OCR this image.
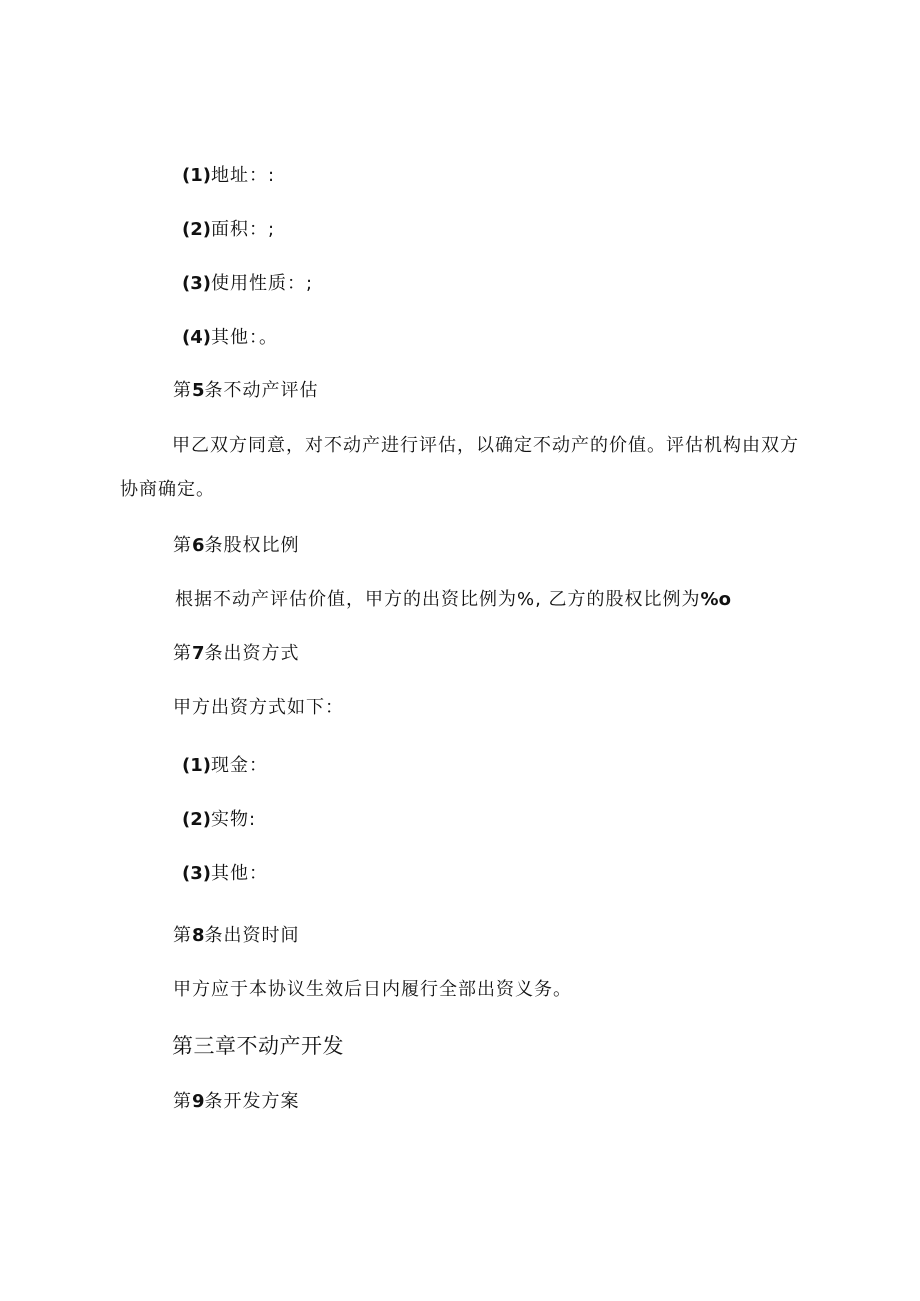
(1)地址：:
(2)面积：;
(3)使用性质：;
(4)其他：。
第5条不动产评估
甲乙双方同意，对不动产进行评估，以确定不动产的价值。评估机构由双方协商确定。
第6条股权比例
根据不动产评估价值，甲方的出资比例为%, 乙方的股权比例为%o
第7条出资方式
甲方出资方式如下：
(1)现金：
(2)实物:
(3)其他：
第8条出资时间
甲方应于本协议生效后日内履行全部出资义务。
第三章不动产开发
第9条开发方案
